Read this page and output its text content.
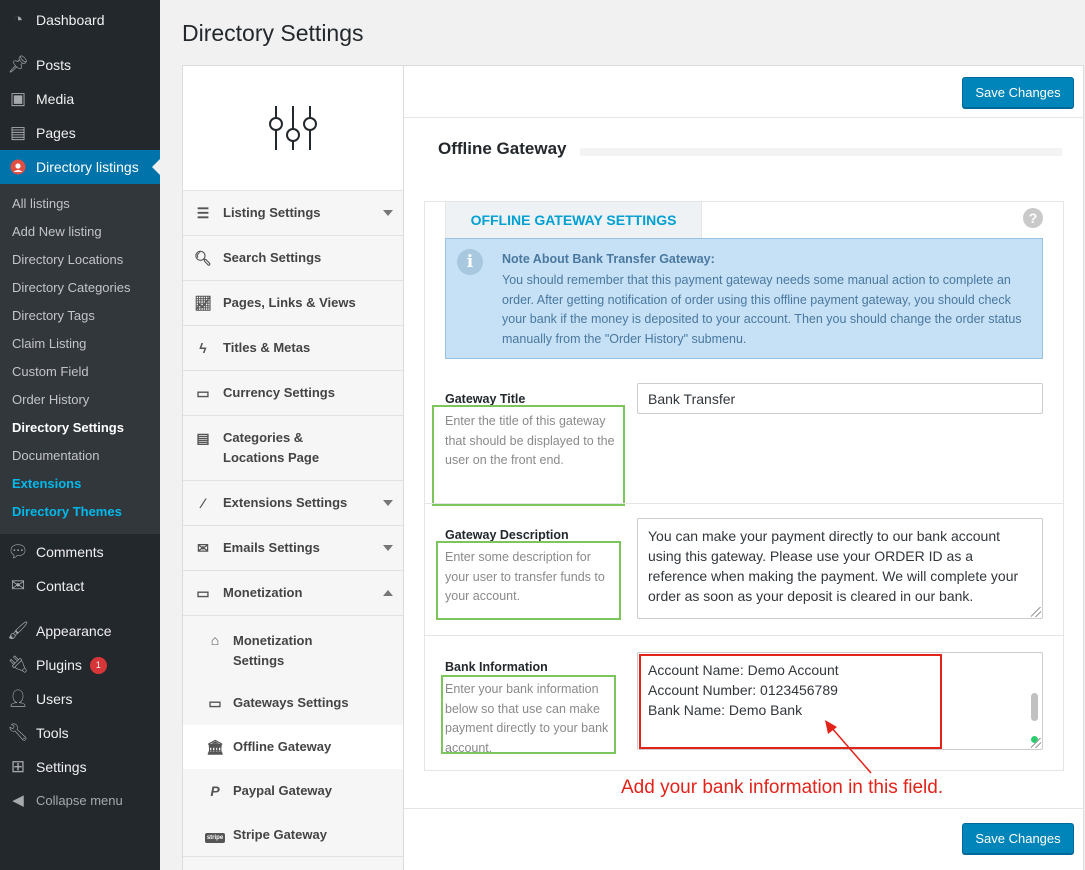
◔ Dashboard
📌︎ Posts
▣ Media
▤ Pages
Directory listings
All listings
Add New listing
Directory Locations
Directory Categories
Directory Tags
Claim Listing
Custom Field
Order History
Directory Settings
Documentation
Extensions
Directory Themes
💬︎ Comments
✉ Contact
🖌︎ Appearance
🔌︎ Plugins	1
👤︎ Users
🔧︎ Tools
⊞ Settings
◀ Collapse menu
Directory Settings
☰	Listing Settings
🔍︎ Search Settings
📈︎ Pages, Links & Views
ϟ	Titles & Metas
▭	Currency Settings
▤	Categories & Locations Page
⁄	Extensions Settings
✉	Emails Settings
▭	Monetization
⌂	Monetization Settings
▭ Gateways Settings
🏛︎ Offline Gateway
P	Paypal Gateway
stripe Stripe Gateway
Save Changes
Offline Gateway
OFFLINE GATEWAY SETTINGS	?
i	Note About Bank Transfer Gateway:
You should remember that this payment gateway needs some manual action to complete an order. After getting notification of order using this offline payment gateway, you should check your bank if the money is deposited to your account. Then you should change the order status manually from the "Order History" submenu.
Gateway Title
Enter the title of this gateway that should be displayed to the user on the front end.
Bank Transfer
Gateway Description
Enter some description for your user to transfer funds to your account.
You can make your payment directly to our bank account using this gateway. Please use your ORDER ID as a reference when making the payment. We will complete your order as soon as your deposit is cleared in our bank.
Bank Information
Enter your bank information below so that use can make payment directly to your bank account.
Account Name: Demo Account
Account Number: 0123456789
Bank Name: Demo Bank
Add your bank information in this field.
Save Changes
